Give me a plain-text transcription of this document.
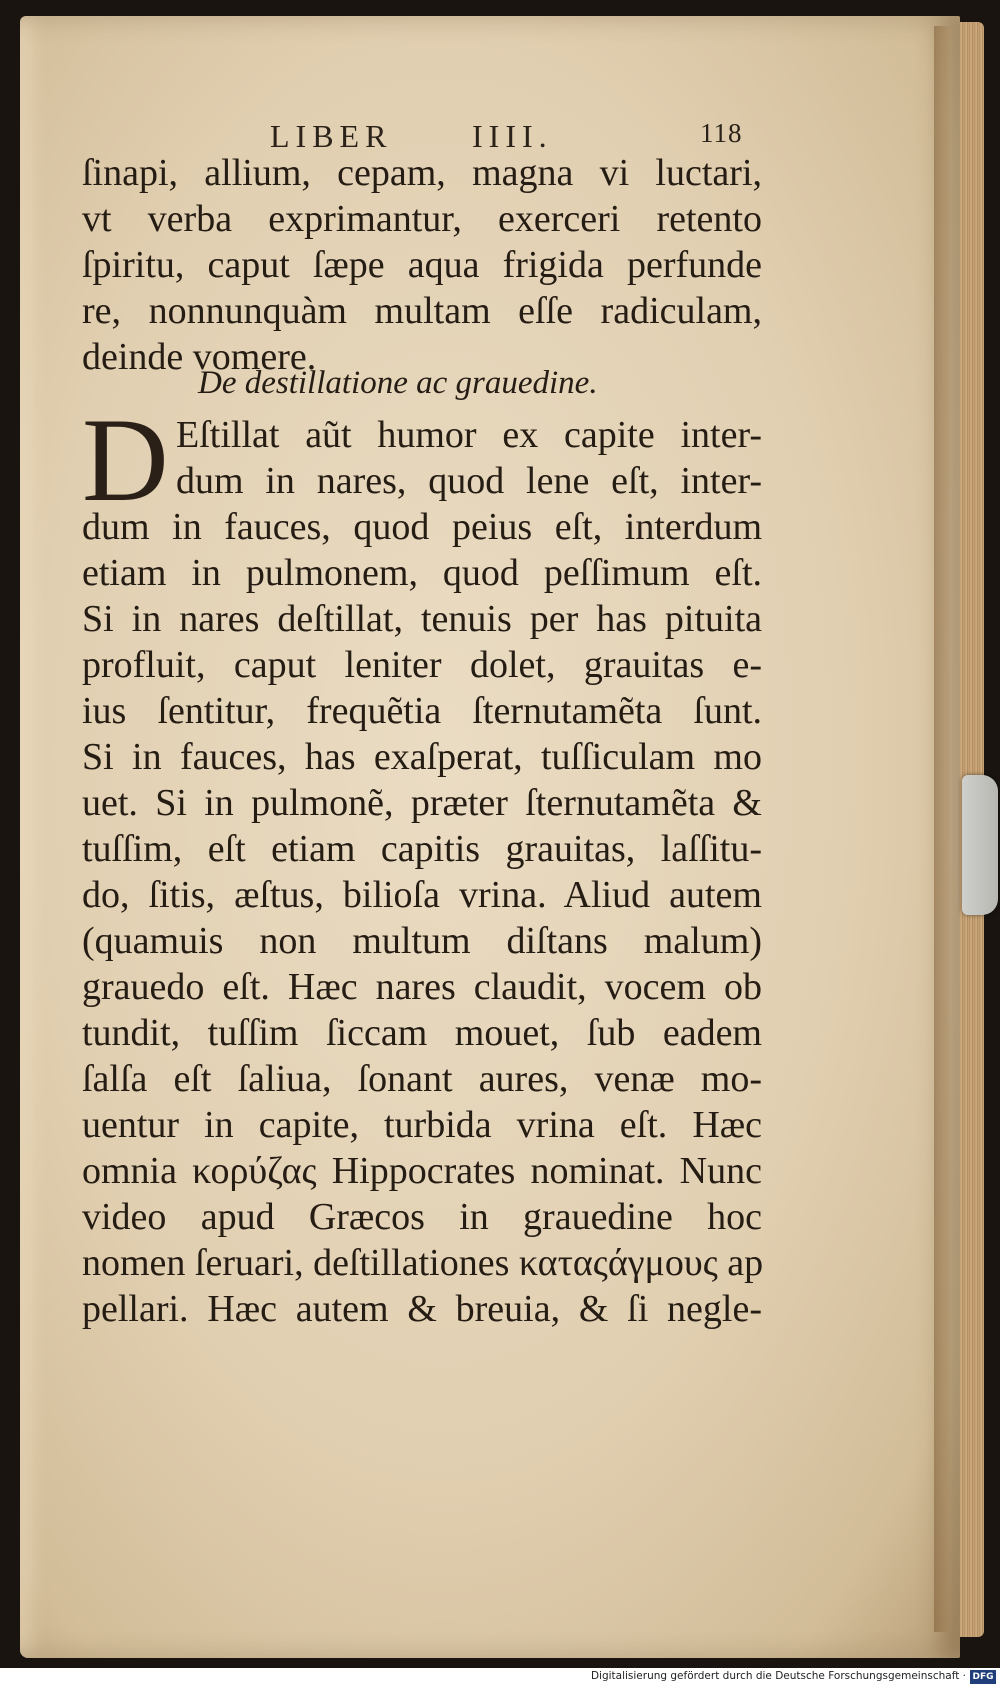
LIBER IIII.	118
ſinapi, allium, cepam, magna vi luctari,
vt verba exprimantur, exerceri retento
ſpiritu, caput ſæpe aqua frigida perfunde
re, nonnunquàm multam eſſe radiculam,
deinde vomere.
De destillatione ac grauedine.
D Eſtillat aũt humor ex capite inter-
dum in nares, quod lene eſt, inter-
dum in fauces, quod peius eſt, interdum
etiam in pulmonem, quod peſſimum eſt.
Si in nares deſtillat, tenuis per has pituita
profluit, caput leniter dolet, grauitas e-
ius ſentitur, frequẽtia ſternutamẽta ſunt.
Si in fauces, has exaſperat, tuſſiculam mo
uet. Si in pulmonẽ, præter ſternutamẽta &
tuſſim, eſt etiam capitis grauitas, laſſitu-
do, ſitis, æſtus, bilioſa vrina. Aliud autem
(quamuis non multum diſtans malum)
grauedo eſt. Hæc nares claudit, vocem ob
tundit, tuſſim ſiccam mouet, ſub eadem
ſalſa eſt ſaliua, ſonant aures, venæ mo-
uentur in capite, turbida vrina eſt. Hæc
omnia κορύζας Hippocrates nominat. Nunc
video apud Græcos in grauedine hoc
nomen ſeruari, deſtillationes καταςάγμους ap
pellari. Hæc autem & breuia, & ſi negle-
Digitalisierung gefördert durch die Deutsche Forschungsgemeinschaft · DFG
